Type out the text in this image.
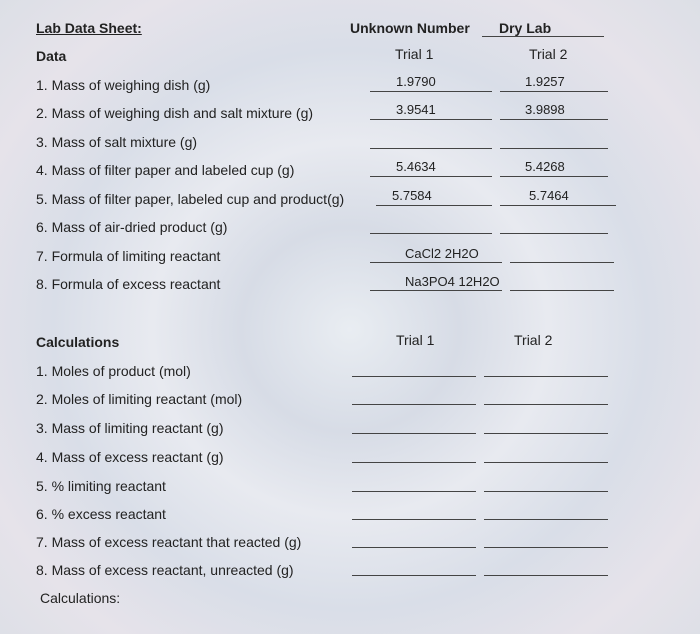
Lab Data Sheet:	Unknown Number Dry Lab
Data	Trial 1	Trial 2
1. Mass of weighing dish (g)	1.9790	1.9257
2. Mass of weighing dish and salt mixture (g)	3.9541	3.9898
3. Mass of salt mixture (g)
4. Mass of filter paper and labeled cup (g)	5.4634	5.4268
5. Mass of filter paper, labeled cup and product(g)	5.7584	5.7464
6. Mass of air-dried product (g)
7. Formula of limiting reactant	CaCl2 2H2O
8. Formula of excess reactant	Na3PO4 12H2O
Calculations	Trial 1	Trial 2
1. Moles of product (mol)
2. Moles of limiting reactant (mol)
3. Mass of limiting reactant (g)
4. Mass of excess reactant (g)
5. % limiting reactant
6. % excess reactant
7. Mass of excess reactant that reacted (g)
8. Mass of excess reactant, unreacted (g)
Calculations:
